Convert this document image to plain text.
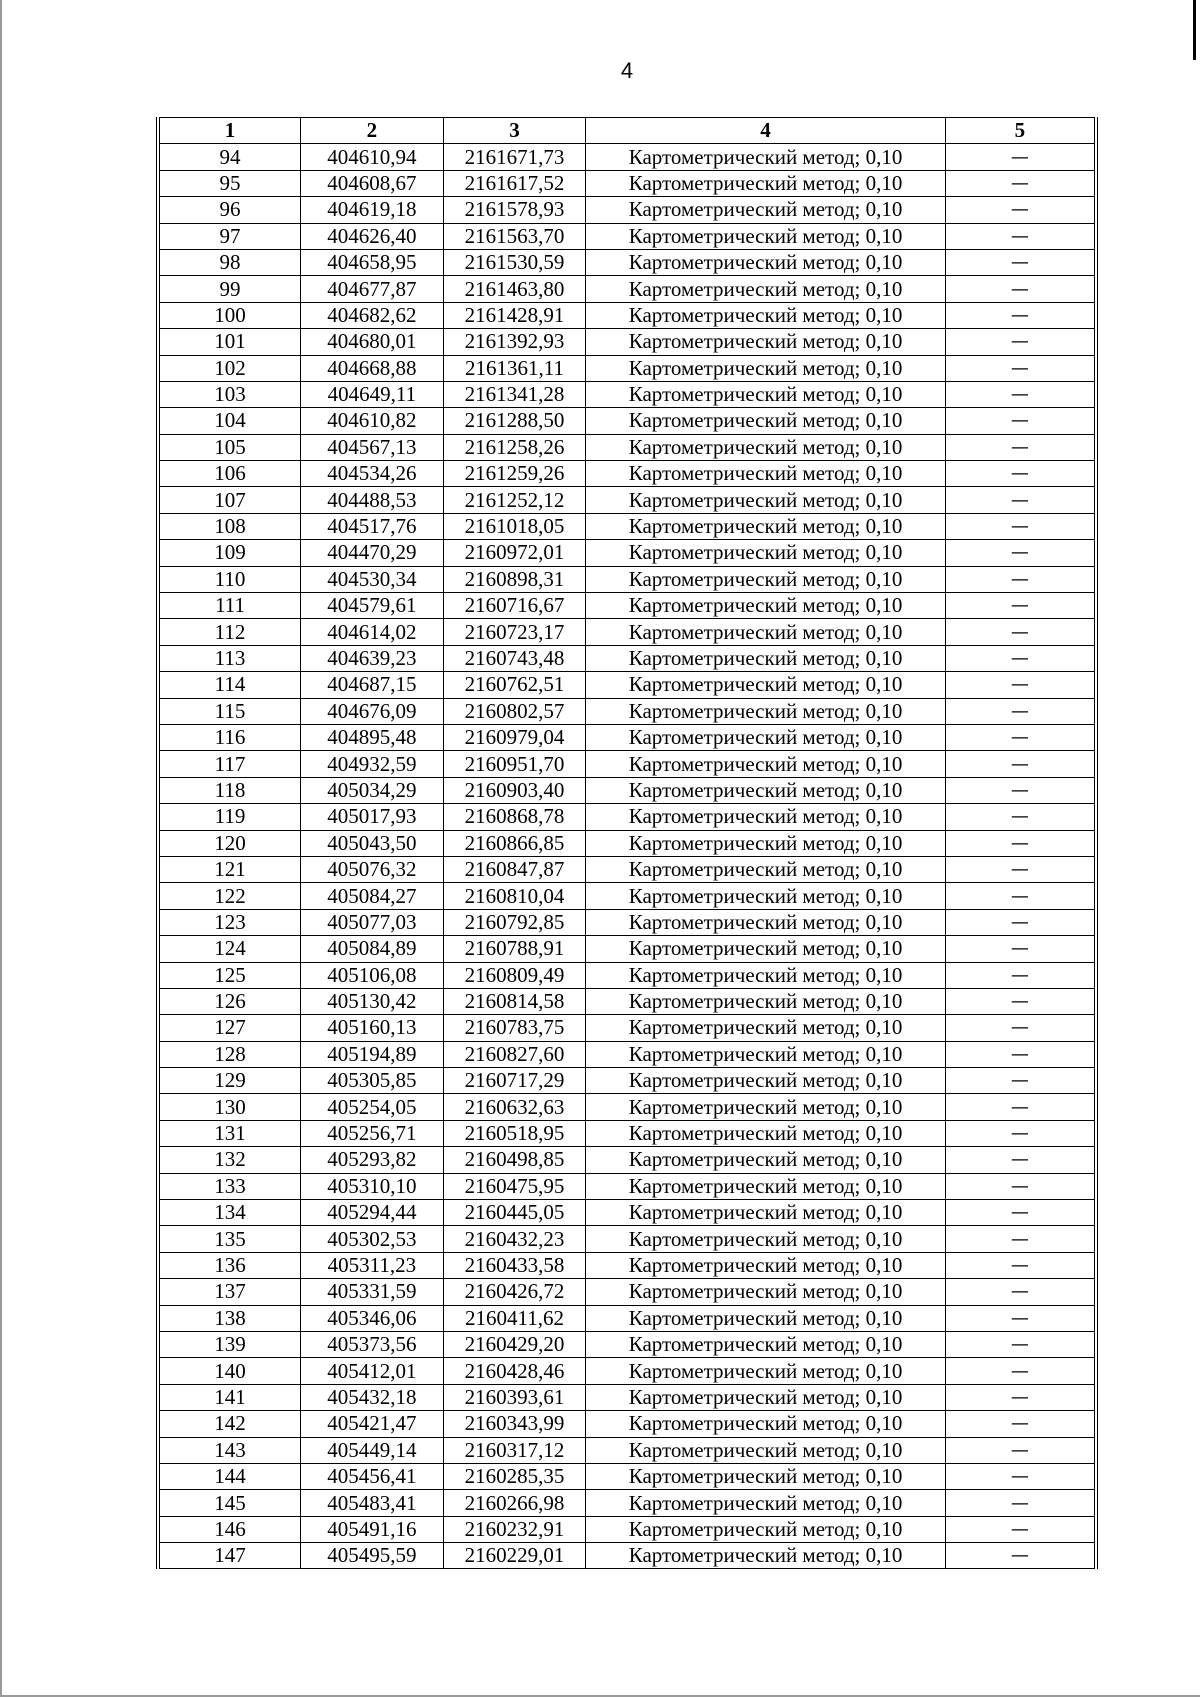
4
1	2	3	4	5
94	404610,94	2161671,73	Картометрический метод; 0,10	—
95	404608,67	2161617,52	Картометрический метод; 0,10	—
96	404619,18	2161578,93	Картометрический метод; 0,10	—
97	404626,40	2161563,70	Картометрический метод; 0,10	—
98	404658,95	2161530,59	Картометрический метод; 0,10	—
99	404677,87	2161463,80	Картометрический метод; 0,10	—
100	404682,62	2161428,91	Картометрический метод; 0,10	—
101	404680,01	2161392,93	Картометрический метод; 0,10	—
102	404668,88	2161361,11	Картометрический метод; 0,10	—
103	404649,11	2161341,28	Картометрический метод; 0,10	—
104	404610,82	2161288,50	Картометрический метод; 0,10	—
105	404567,13	2161258,26	Картометрический метод; 0,10	—
106	404534,26	2161259,26	Картометрический метод; 0,10	—
107	404488,53	2161252,12	Картометрический метод; 0,10	—
108	404517,76	2161018,05	Картометрический метод; 0,10	—
109	404470,29	2160972,01	Картометрический метод; 0,10	—
110	404530,34	2160898,31	Картометрический метод; 0,10	—
111	404579,61	2160716,67	Картометрический метод; 0,10	—
112	404614,02	2160723,17	Картометрический метод; 0,10	—
113	404639,23	2160743,48	Картометрический метод; 0,10	—
114	404687,15	2160762,51	Картометрический метод; 0,10	—
115	404676,09	2160802,57	Картометрический метод; 0,10	—
116	404895,48	2160979,04	Картометрический метод; 0,10	—
117	404932,59	2160951,70	Картометрический метод; 0,10	—
118	405034,29	2160903,40	Картометрический метод; 0,10	—
119	405017,93	2160868,78	Картометрический метод; 0,10	—
120	405043,50	2160866,85	Картометрический метод; 0,10	—
121	405076,32	2160847,87	Картометрический метод; 0,10	—
122	405084,27	2160810,04	Картометрический метод; 0,10	—
123	405077,03	2160792,85	Картометрический метод; 0,10	—
124	405084,89	2160788,91	Картометрический метод; 0,10	—
125	405106,08	2160809,49	Картометрический метод; 0,10	—
126	405130,42	2160814,58	Картометрический метод; 0,10	—
127	405160,13	2160783,75	Картометрический метод; 0,10	—
128	405194,89	2160827,60	Картометрический метод; 0,10	—
129	405305,85	2160717,29	Картометрический метод; 0,10	—
130	405254,05	2160632,63	Картометрический метод; 0,10	—
131	405256,71	2160518,95	Картометрический метод; 0,10	—
132	405293,82	2160498,85	Картометрический метод; 0,10	—
133	405310,10	2160475,95	Картометрический метод; 0,10	—
134	405294,44	2160445,05	Картометрический метод; 0,10	—
135	405302,53	2160432,23	Картометрический метод; 0,10	—
136	405311,23	2160433,58	Картометрический метод; 0,10	—
137	405331,59	2160426,72	Картометрический метод; 0,10	—
138	405346,06	2160411,62	Картометрический метод; 0,10	—
139	405373,56	2160429,20	Картометрический метод; 0,10	—
140	405412,01	2160428,46	Картометрический метод; 0,10	—
141	405432,18	2160393,61	Картометрический метод; 0,10	—
142	405421,47	2160343,99	Картометрический метод; 0,10	—
143	405449,14	2160317,12	Картометрический метод; 0,10	—
144	405456,41	2160285,35	Картометрический метод; 0,10	—
145	405483,41	2160266,98	Картометрический метод; 0,10	—
146	405491,16	2160232,91	Картометрический метод; 0,10	—
147	405495,59	2160229,01	Картометрический метод; 0,10	—
